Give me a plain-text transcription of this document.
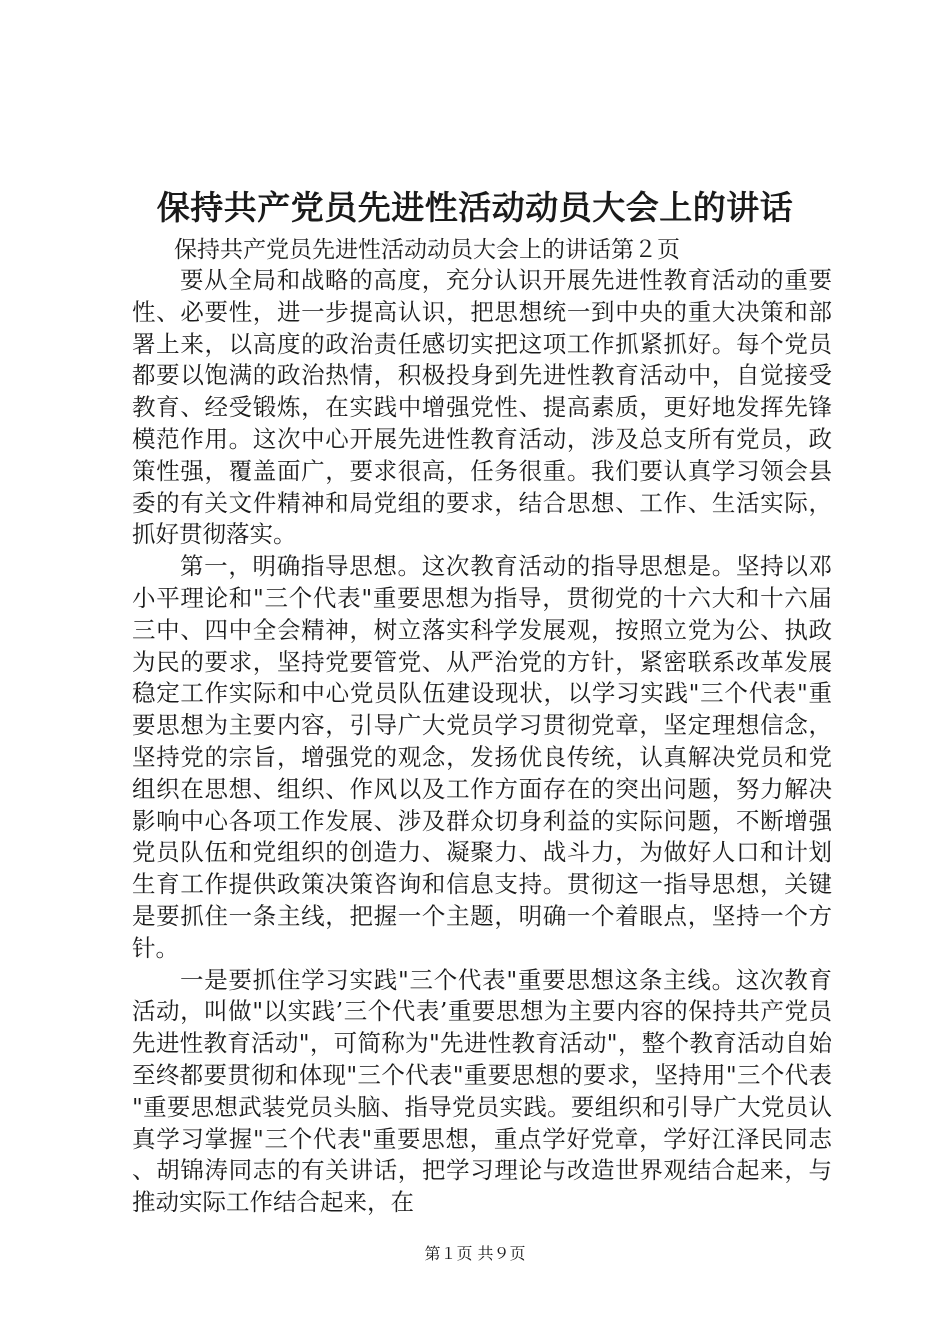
保持共产党员先进性活动动员大会上的讲话

保持共产党员先进性活动动员大会上的讲话第２页

要从全局和战略的高度，充分认识开展先进性教育活动的重要性、必要性，进一步提高认识，把思想统一到中央的重大决策和部署上来，以高度的政治责任感切实把这项工作抓紧抓好。每个党员都要以饱满的政治热情，积极投身到先进性教育活动中，自觉接受教育、经受锻炼，在实践中增强党性、提高素质，更好地发挥先锋模范作用。这次中心开展先进性教育活动，涉及总支所有党员，政策性强，覆盖面广，要求很高，任务很重。我们要认真学习领会县委的有关文件精神和局党组的要求，结合思想、工作、生活实际，抓好贯彻落实。

第一，明确指导思想。这次教育活动的指导思想是。坚持以邓小平理论和"三个代表"重要思想为指导，贯彻党的十六大和十六届三中、四中全会精神，树立落实科学发展观，按照立党为公、执政为民的要求，坚持党要管党、从严治党的方针，紧密联系改革发展稳定工作实际和中心党员队伍建设现状，以学习实践"三个代表"重要思想为主要内容，引导广大党员学习贯彻党章，坚定理想信念，坚持党的宗旨，增强党的观念，发扬优良传统，认真解决党员和党组织在思想、组织、作风以及工作方面存在的突出问题，努力解决影响中心各项工作发展、涉及群众切身利益的实际问题，不断增强党员队伍和党组织的创造力、凝聚力、战斗力，为做好人口和计划生育工作提供政策决策咨询和信息支持。贯彻这一指导思想，关键是要抓住一条主线，把握一个主题，明确一个着眼点，坚持一个方针。

一是要抓住学习实践"三个代表"重要思想这条主线。这次教育活动，叫做"以实践’三个代表’重要思想为主要内容的保持共产党员先进性教育活动"，可简称为"先进性教育活动"，整个教育活动自始至终都要贯彻和体现"三个代表"重要思想的要求，坚持用"三个代表"重要思想武装党员头脑、指导党员实践。要组织和引导广大党员认真学习掌握"三个代表"重要思想，重点学好党章，学好江泽民同志、胡锦涛同志的有关讲话，把学习理论与改造世界观结合起来，与推动实际工作结合起来，在

第１页 共９页
